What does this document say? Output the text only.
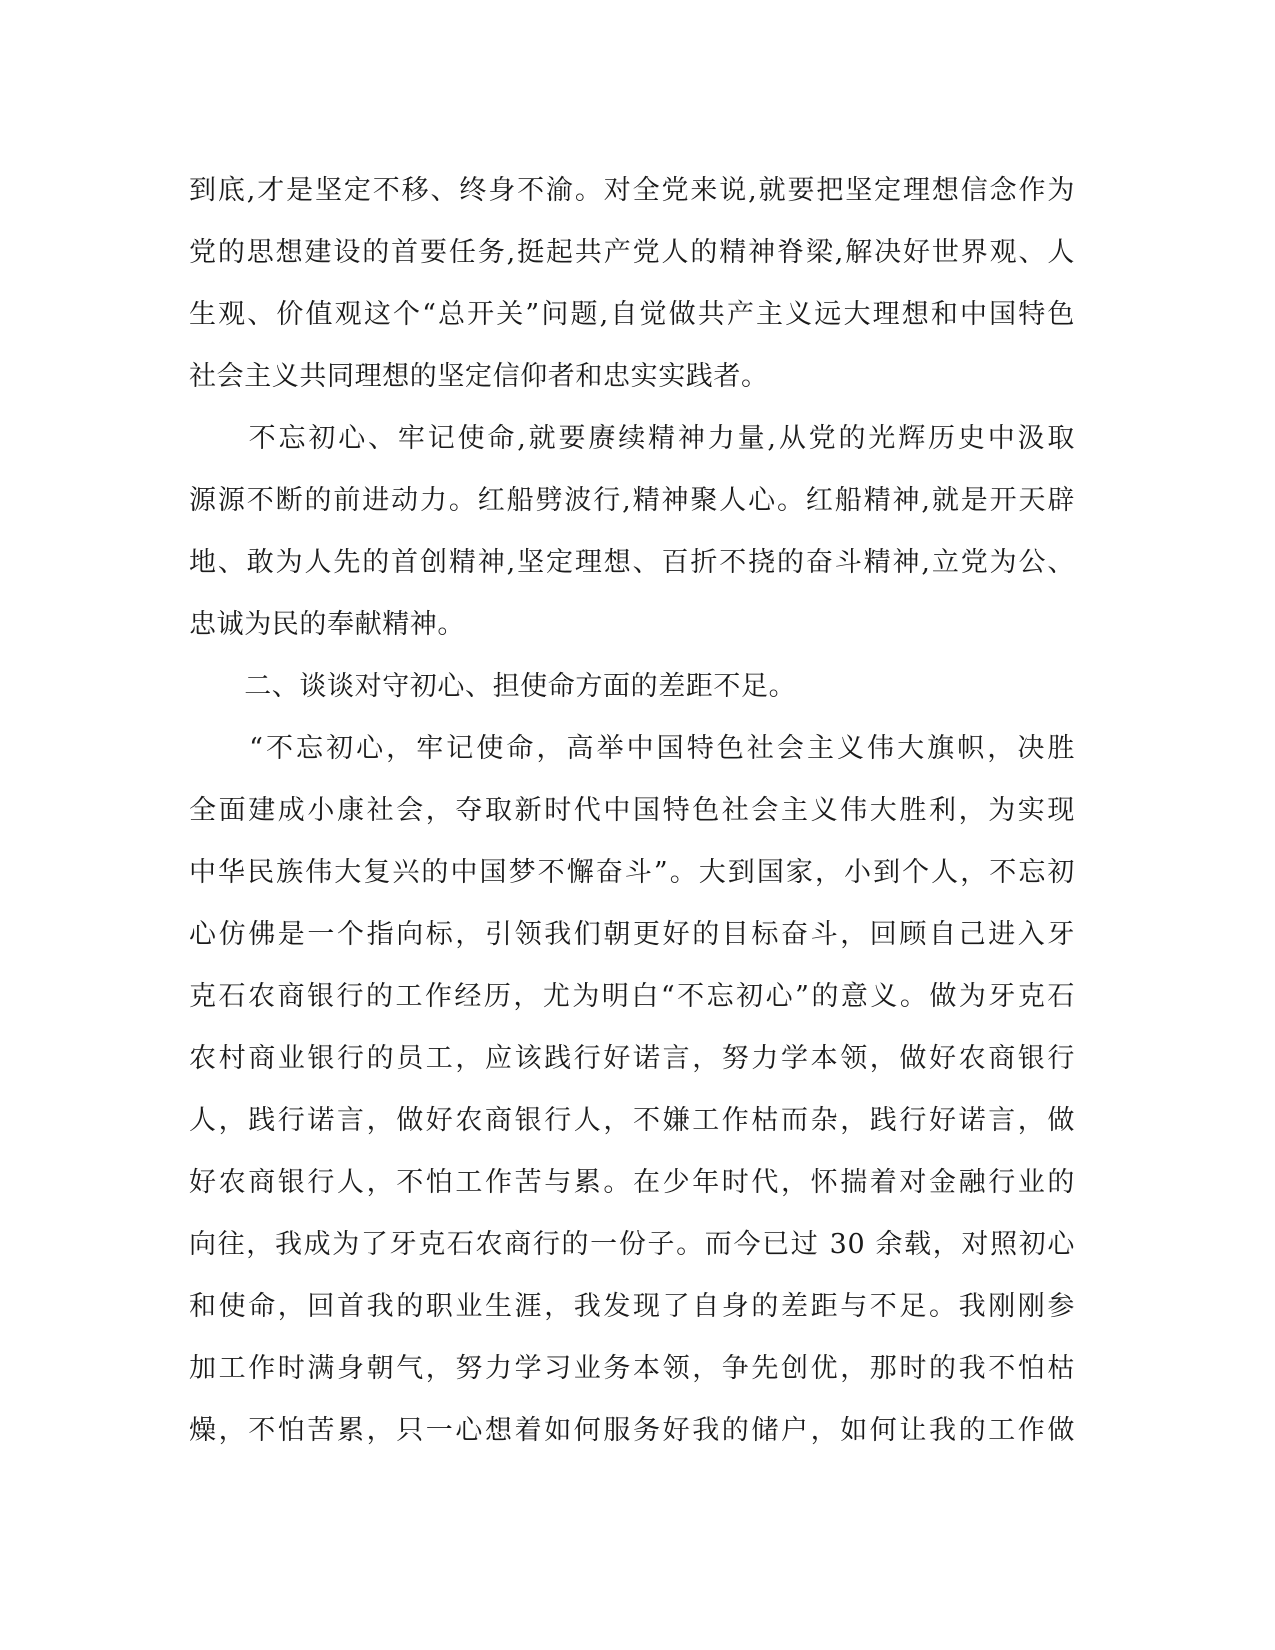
到底,才是坚定不移、终身不渝。对全党来说,就要把坚定理想信念作为
党的思想建设的首要任务,挺起共产党人的精神脊梁,解决好世界观、人
生观、价值观这个“总开关”问题,自觉做共产主义远大理想和中国特色
社会主义共同理想的坚定信仰者和忠实实践者。
　　不忘初心、牢记使命,就要赓续精神力量,从党的光辉历史中汲取
源源不断的前进动力。红船劈波行,精神聚人心。红船精神,就是开天辟
地、敢为人先的首创精神,坚定理想、百折不挠的奋斗精神,立党为公、
忠诚为民的奉献精神。
　　二、谈谈对守初心、担使命方面的差距不足。
　　“不忘初心，牢记使命，高举中国特色社会主义伟大旗帜，决胜
全面建成小康社会，夺取新时代中国特色社会主义伟大胜利，为实现
中华民族伟大复兴的中国梦不懈奋斗”。大到国家，小到个人，不忘初
心仿佛是一个指向标，引领我们朝更好的目标奋斗，回顾自己进入牙
克石农商银行的工作经历，尤为明白“不忘初心”的意义。做为牙克石
农村商业银行的员工，应该践行好诺言，努力学本领，做好农商银行
人，践行诺言，做好农商银行人，不嫌工作枯而杂，践行好诺言，做
好农商银行人，不怕工作苦与累。在少年时代，怀揣着对金融行业的
向往，我成为了牙克石农商行的一份子。而今已过 30 余载，对照初心
和使命，回首我的职业生涯，我发现了自身的差距与不足。我刚刚参
加工作时满身朝气，努力学习业务本领，争先创优，那时的我不怕枯
燥，不怕苦累，只一心想着如何服务好我的储户，如何让我的工作做
